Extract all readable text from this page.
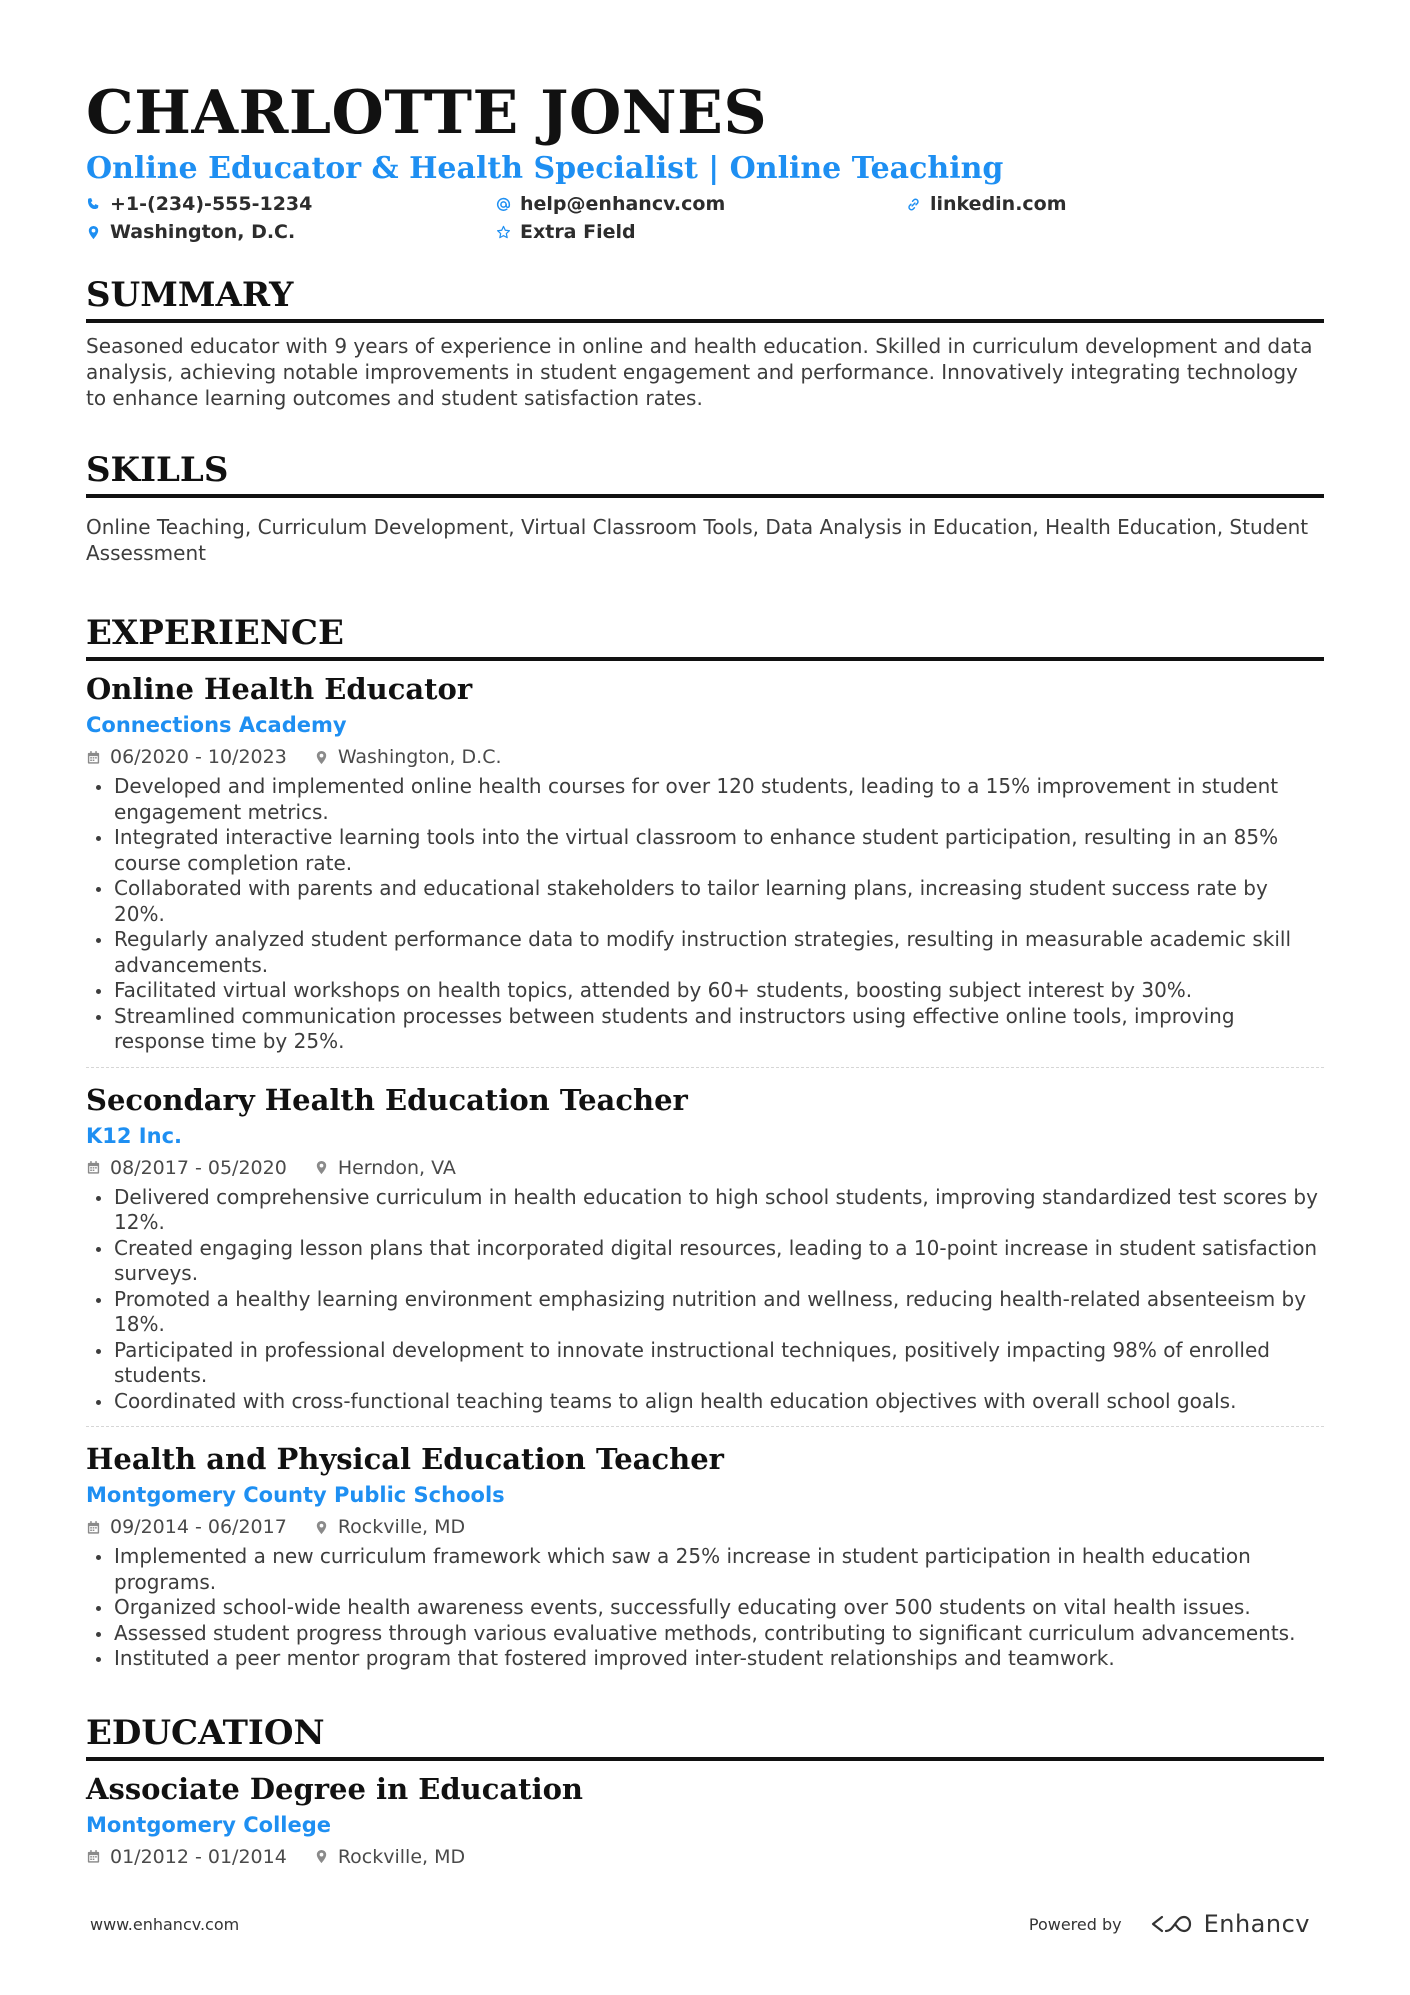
CHARLOTTE JONES
Online Educator & Health Specialist | Online Teaching
+1-(234)-555-1234	help@enhancv.com	linkedin.com
Washington, D.C.	Extra Field
SUMMARY
Seasoned educator with 9 years of experience in online and health education. Skilled in curriculum development and data analysis, achieving notable improvements in student engagement and performance. Innovatively integrating technology to enhance learning outcomes and student satisfaction rates.
SKILLS
Online Teaching, Curriculum Development, Virtual Classroom Tools, Data Analysis in Education, Health Education, Student Assessment
EXPERIENCE
Online Health Educator
Connections Academy
06/2020 - 10/2023	Washington, D.C.
Developed and implemented online health courses for over 120 students, leading to a 15% improvement in student engagement metrics.
Integrated interactive learning tools into the virtual classroom to enhance student participation, resulting in an 85% course completion rate.
Collaborated with parents and educational stakeholders to tailor learning plans, increasing student success rate by 20%.
Regularly analyzed student performance data to modify instruction strategies, resulting in measurable academic skill advancements.
Facilitated virtual workshops on health topics, attended by 60+ students, boosting subject interest by 30%.
Streamlined communication processes between students and instructors using effective online tools, improving response time by 25%.
Secondary Health Education Teacher
K12 Inc.
08/2017 - 05/2020	Herndon, VA
Delivered comprehensive curriculum in health education to high school students, improving standardized test scores by 12%.
Created engaging lesson plans that incorporated digital resources, leading to a 10-point increase in student satisfaction surveys.
Promoted a healthy learning environment emphasizing nutrition and wellness, reducing health-related absenteeism by 18%.
Participated in professional development to innovate instructional techniques, positively impacting 98% of enrolled students.
Coordinated with cross-functional teaching teams to align health education objectives with overall school goals.
Health and Physical Education Teacher
Montgomery County Public Schools
09/2014 - 06/2017	Rockville, MD
Implemented a new curriculum framework which saw a 25% increase in student participation in health education programs.
Organized school-wide health awareness events, successfully educating over 500 students on vital health issues.
Assessed student progress through various evaluative methods, contributing to significant curriculum advancements.
Instituted a peer mentor program that fostered improved inter-student relationships and teamwork.
EDUCATION
Associate Degree in Education
Montgomery College
01/2012 - 01/2014	Rockville, MD
www.enhancv.com	Powered by	Enhancv
